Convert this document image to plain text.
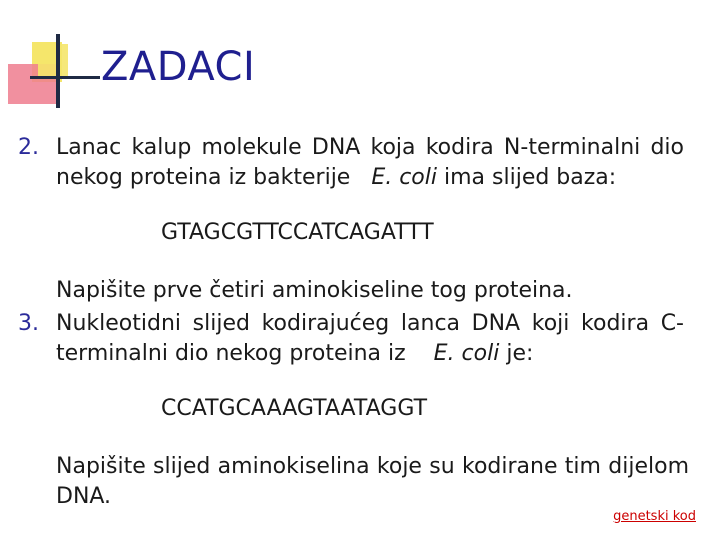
ZADACI
2. Lanac kalup molekule DNA koja kodira N-terminalni dio
nekog proteina iz bakterije E. coli ima slijed baza:
GTAGCGTTCCATCAGATTT
Napišite prve četiri aminokiseline tog proteina.
3. Nukleotidni slijed kodirajućeg lanca DNA koji kodira C-
terminalni dio nekog proteina iz E. coli je:
CCATGCAAAGTAATAGGT
Napišite slijed aminokiselina koje su kodirane tim dijelom
DNA.
genetski kod
